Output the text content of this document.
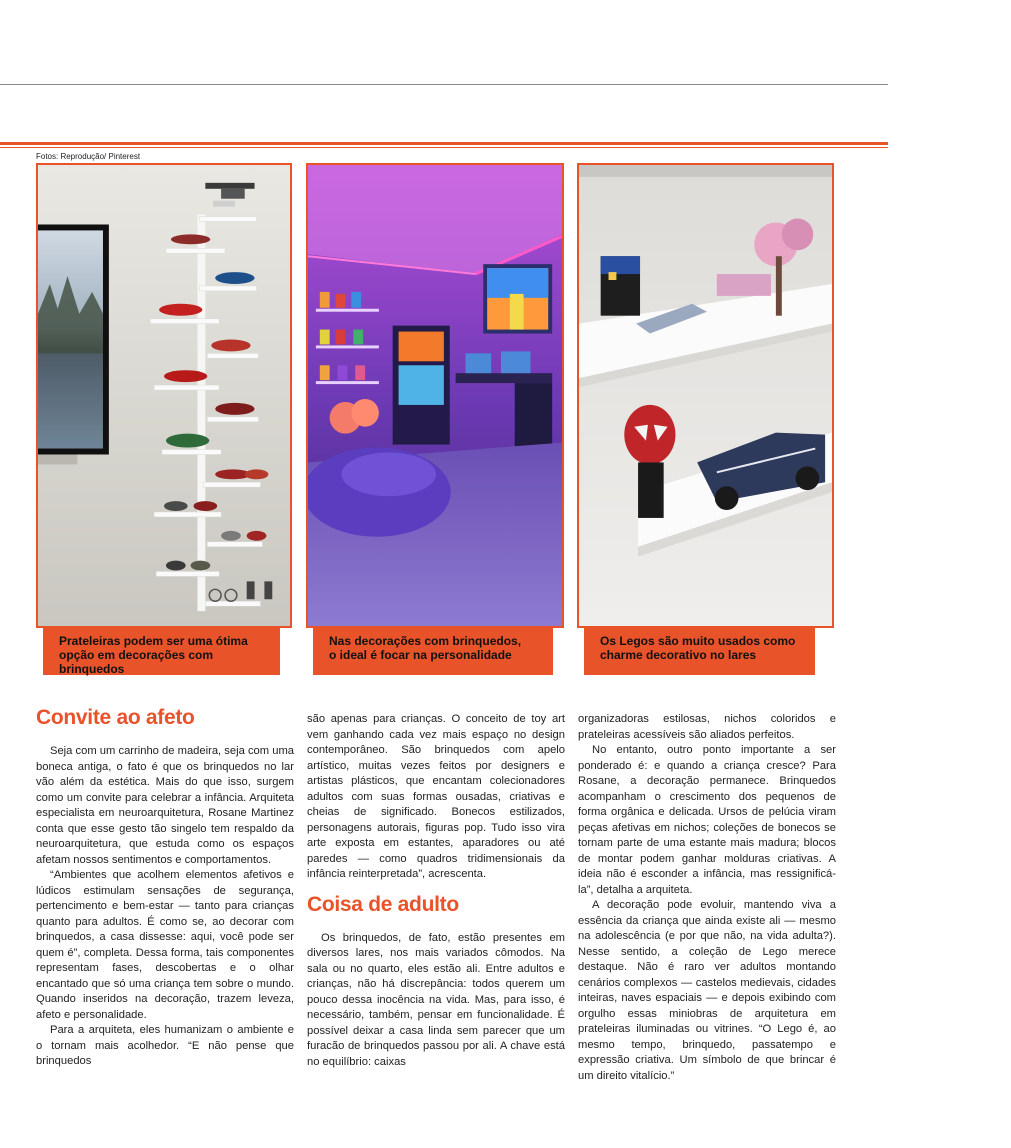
Fotos: Reprodução/ Pinterest
Prateleiras podem ser uma ótima
opção em decorações com brinquedos
Nas decorações com brinquedos,
o ideal é focar na personalidade
Os Legos são muito usados como
charme decorativo no lares
Convite ao afeto

Seja com um carrinho de madeira, seja com uma boneca antiga, o fato é que os brinquedos no lar vão além da estética. Mais do que isso, surgem como um convite para celebrar a infância. Arquiteta especialista em neuroarquitetura, Rosane Martinez conta que esse gesto tão singelo tem respaldo da neuroarquitetura, que estuda como os espaços afetam nossos sentimentos e comportamentos.

“Ambientes que acolhem elementos afetivos e lúdicos estimulam sensações de segurança, pertencimento e bem-estar — tanto para crianças quanto para adultos. É como se, ao decorar com brinquedos, a casa dissesse: aqui, você pode ser quem é”, completa. Dessa forma, tais componentes representam fases, descobertas e o olhar encantado que só uma criança tem sobre o mundo. Quando inseridos na decoração, trazem leveza, afeto e personalidade.

Para a arquiteta, eles humanizam o ambiente e o tornam mais acolhedor. “E não pense que brinquedos

são apenas para crianças. O conceito de toy art vem ganhando cada vez mais espaço no design contemporâneo. São brinquedos com apelo artístico, muitas vezes feitos por designers e artistas plásticos, que encantam colecionadores adultos com suas formas ousadas, criativas e cheias de significado. Bonecos estilizados, personagens autorais, figuras pop. Tudo isso vira arte exposta em estantes, aparadores ou até paredes — como quadros tridimensionais da infância reinterpretada”, acrescenta.

Coisa de adulto

Os brinquedos, de fato, estão presentes em diversos lares, nos mais variados cômodos. Na sala ou no quarto, eles estão ali. Entre adultos e crianças, não há discrepância: todos querem um pouco dessa inocência na vida. Mas, para isso, é necessário, também, pensar em funcionalidade. É possível deixar a casa linda sem parecer que um furacão de brinquedos passou por ali. A chave está no equilíbrio: caixas

organizadoras estilosas, nichos coloridos e prateleiras acessíveis são aliados perfeitos.

No entanto, outro ponto importante a ser ponderado é: e quando a criança cresce? Para Rosane, a decoração permanece. Brinquedos acompanham o crescimento dos pequenos de forma orgânica e delicada. Ursos de pelúcia viram peças afetivas em nichos; coleções de bonecos se tornam parte de uma estante mais madura; blocos de montar podem ganhar molduras criativas. A ideia não é esconder a infância, mas ressignificá-la”, detalha a arquiteta.

A decoração pode evoluir, mantendo viva a essência da criança que ainda existe ali — mesmo na adolescência (e por que não, na vida adulta?). Nesse sentido, a coleção de Lego merece destaque. Não é raro ver adultos montando cenários complexos — castelos medievais, cidades inteiras, naves espaciais — e depois exibindo com orgulho essas miniobras de arquitetura em prateleiras iluminadas ou vitrines. “O Lego é, ao mesmo tempo, brinquedo, passatempo e expressão criativa. Um símbolo de que brincar é um direito vitalício.”
